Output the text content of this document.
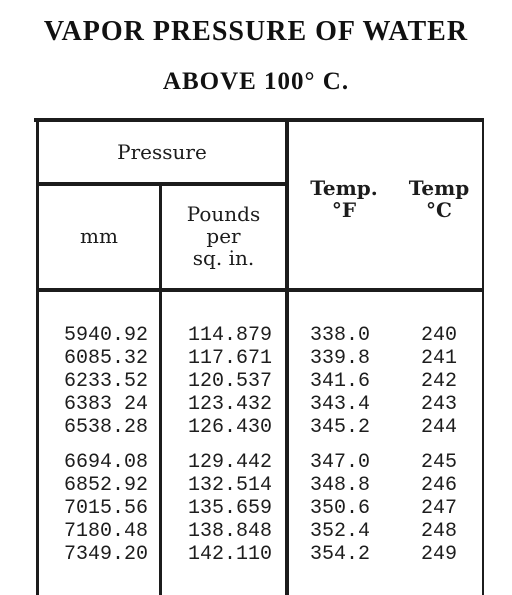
VAPOR PRESSURE OF WATER
ABOVE 100° C.
Pressure
mm
Pounds
per
sq. in.
Temp.
°F
Temp
°C
5940.92
6085.32
6233.52
6383 24
6538.28
6694.08
6852.92
7015.56
7180.48
7349.20
114.879
117.671
120.537
123.432
126.430
129.442
132.514
135.659
138.848
142.110
338.0
339.8
341.6
343.4
345.2
347.0
348.8
350.6
352.4
354.2
240
241
242
243
244
245
246
247
248
249
